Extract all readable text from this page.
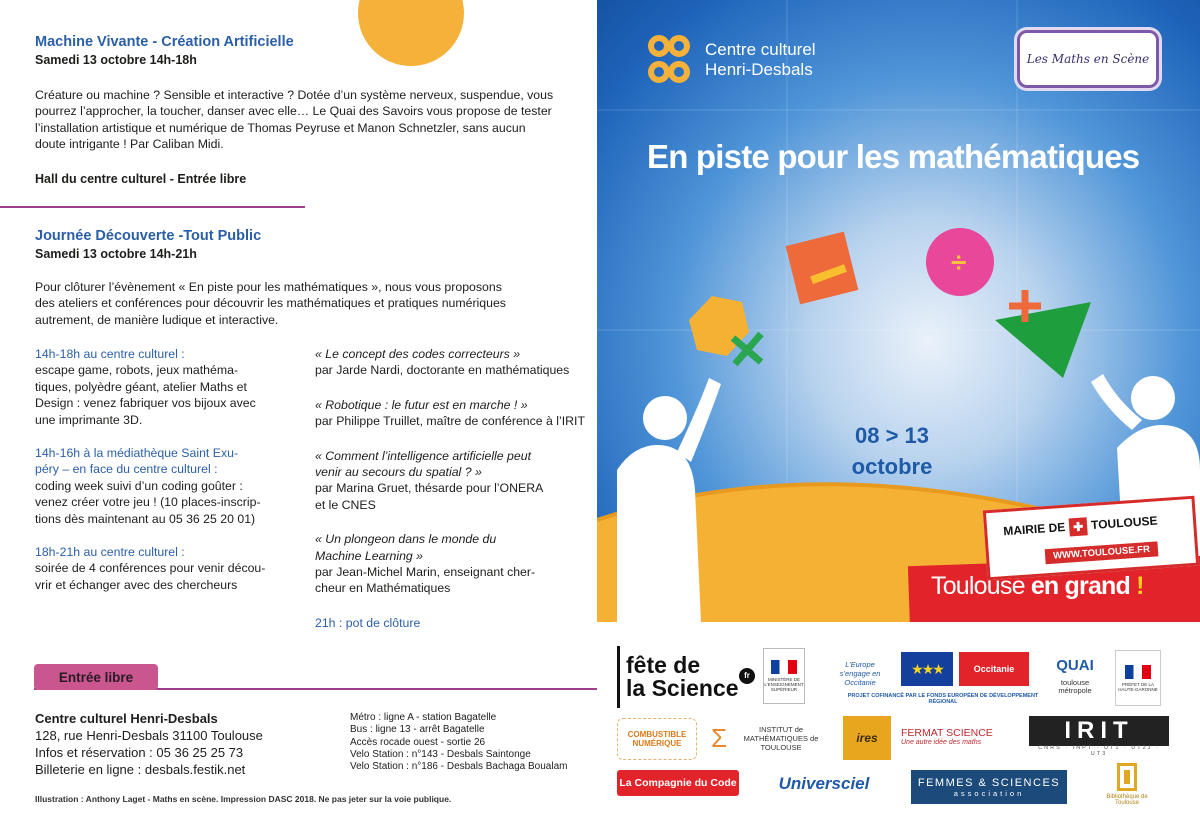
Machine Vivante - Création Artificielle
Samedi 13 octobre 14h-18h
Créature ou machine ? Sensible et interactive ? Dotée d’un système nerveux, suspendue, vous
pourrez l’approcher, la toucher, danser avec elle… Le Quai des Savoirs vous propose de tester
l’installation artistique et numérique de Thomas Peyruse et Manon Schnetzler, sans aucun
doute intrigante ! Par Caliban Midi.
Hall du centre culturel - Entrée libre
Journée Découverte -Tout Public
Samedi 13 octobre 14h-21h
Pour clôturer l’évènement « En piste pour les mathématiques », nous vous proposons
des ateliers et conférences pour découvrir les mathématiques et pratiques numériques
autrement, de manière ludique et interactive.
14h-18h au centre culturel :
escape game, robots, jeux mathéma-
tiques, polyèdre géant, atelier Maths et
Design : venez fabriquer vos bijoux avec
une imprimante 3D.
14h-16h à la médiathèque Saint Exu-
péry – en face du centre culturel :
coding week suivi d’un coding goûter :
venez créer votre jeu ! (10 places-inscrip-
tions dès maintenant au 05 36 25 20 01)
18h-21h au centre culturel :
soirée de 4 conférences pour venir décou-
vrir et échanger avec des chercheurs
« Le concept des codes correcteurs »
par Jarde Nardi, doctorante en mathématiques
« Robotique : le futur est en marche ! »
par Philippe Truillet, maître de conférence à l’IRIT
« Comment l’intelligence artificielle peut
venir au secours du spatial ? »
par Marina Gruet, thésarde pour l’ONERA
et le CNES
« Un plongeon dans le monde du
Machine Learning »
par Jean-Michel Marin, enseignant cher-
cheur en Mathématiques
21h : pot de clôture
Entrée libre
Centre culturel Henri-Desbals
128, rue Henri-Desbals 31100 Toulouse
Infos et réservation : 05 36 25 25 73
Billeterie en ligne : desbals.festik.net
Métro : ligne A - station Bagatelle
Bus : ligne 13 - arrêt Bagatelle
Accès rocade ouest - sortie 26
Velo Station : n°143 - Desbals Saintonge
Velo Station : n°186 - Desbals Bachaga Boualam
Illustration : Anthony Laget - Maths en scène. Impression DASC 2018. Ne pas jeter sur la voie publique.
÷
Centre culturel
Henri-Desbals
Les Maths en Scène
En piste pour les mathématiques
08 > 13
octobre
MAIRIE DE ✚ TOULOUSE
WWW.TOULOUSE.FR
Toulouse en grand !
fête de
la Science fr	MINISTÈRE DE L’ENSEIGNEMENT SUPÉRIEUR
L’Europe s’engage en Occitanie
★★★	Occitanie
PROJET COFINANCÉ PAR LE FONDS EUROPÉEN DE DÉVELOPPEMENT RÉGIONAL
QUAI
toulouse métropole
PRÉFET DE LA HAUTE-GARONNE
COMBUSTIBLE NUMÉRIQUE	Σ	INSTITUT de MATHÉMATIQUES de TOULOUSE
ires	FERMAT SCIENCE
Une autre idée des maths	IRIT
CNRS · INPT · UT1 · UT2J · UT3
La Compagnie du Code	Universciel	FEMMES & SCIENCES
association	Bibliothèque de Toulouse
